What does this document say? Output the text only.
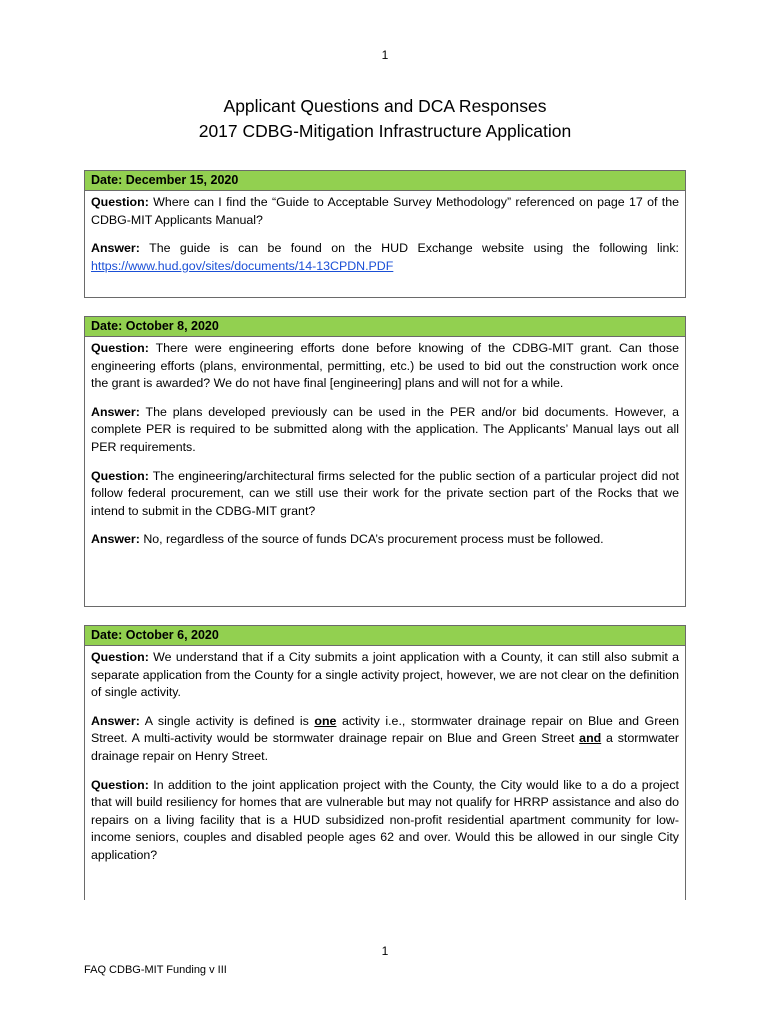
1
Applicant Questions and DCA Responses
2017 CDBG-Mitigation Infrastructure Application
Date: December 15, 2020

Question: Where can I find the “Guide to Acceptable Survey Methodology” referenced on page 17 of the CDBG-MIT Applicants Manual?

Answer: The guide is can be found on the HUD Exchange website using the following link: https://www.hud.gov/sites/documents/14-13CPDN.PDF

Date: October 8, 2020

Question: There were engineering efforts done before knowing of the CDBG-MIT grant. Can those engineering efforts (plans, environmental, permitting, etc.) be used to bid out the construction work once the grant is awarded? We do not have final [engineering] plans and will not for a while.

Answer: The plans developed previously can be used in the PER and/or bid documents. However, a complete PER is required to be submitted along with the application. The Applicants’ Manual lays out all PER requirements.

Question: The engineering/architectural firms selected for the public section of a particular project did not follow federal procurement, can we still use their work for the private section part of the Rocks that we intend to submit in the CDBG-MIT grant?

Answer: No, regardless of the source of funds DCA’s procurement process must be followed.

Date: October 6, 2020

Question: We understand that if a City submits a joint application with a County, it can still also submit a separate application from the County for a single activity project, however, we are not clear on the definition of single activity.

Answer: A single activity is defined is one activity i.e., stormwater drainage repair on Blue and Green Street. A multi-activity would be stormwater drainage repair on Blue and Green Street and a stormwater drainage repair on Henry Street.

Question: In addition to the joint application project with the County, the City would like to a do a project that will build resiliency for homes that are vulnerable but may not qualify for HRRP assistance and also do repairs on a living facility that is a HUD subsidized non-profit residential apartment community for low-income seniors, couples and disabled people ages 62 and over. Would this be allowed in our single City application?

1
FAQ CDBG-MIT Funding v III
